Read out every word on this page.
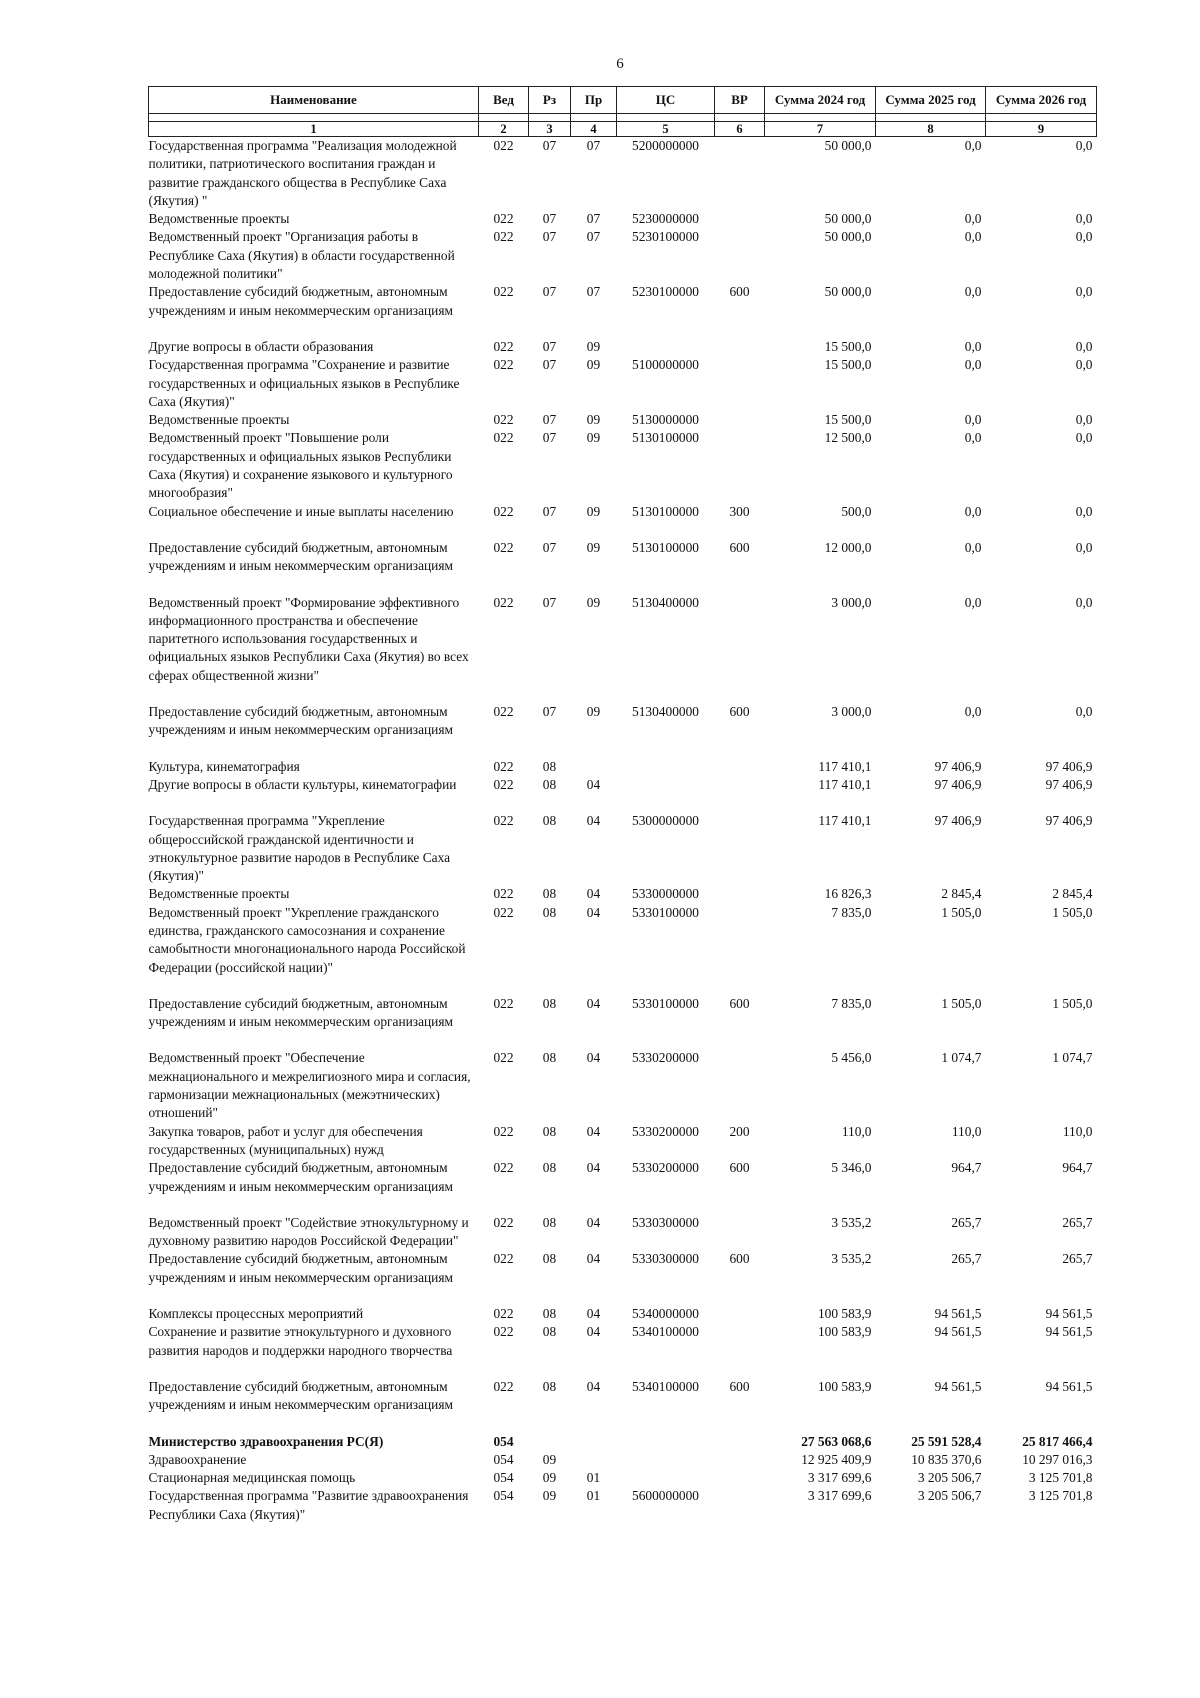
6
Наименование	Вед	Рз	Пр	ЦС	ВР	Сумма 2024 год	Сумма 2025 год	Сумма 2026 год

1	2	3	4	5	6	7	8	9
Государственная программа "Реализация молодежной политики, патриотического воспитания граждан и развитие гражданского общества в Республике Саха (Якутия) "	022	07	07	5200000000		50 000,0	0,0	0,0
Ведомственные проекты	022	07	07	5230000000		50 000,0	0,0	0,0
Ведомственный проект "Организация работы в Республике Саха (Якутия) в области государственной молодежной политики"	022	07	07	5230100000		50 000,0	0,0	0,0
Предоставление субсидий бюджетным, автономным учреждениям и иным некоммерческим организациям	022	07	07	5230100000	600	50 000,0	0,0	0,0
Другие вопросы в области образования	022	07	09			15 500,0	0,0	0,0
Государственная программа "Сохранение и развитие государственных и официальных языков в Республике Саха (Якутия)"	022	07	09	5100000000		15 500,0	0,0	0,0
Ведомственные проекты	022	07	09	5130000000		15 500,0	0,0	0,0
Ведомственный проект "Повышение роли государственных и официальных языков Республики Саха (Якутия) и сохранение языкового и культурного многообразия"	022	07	09	5130100000		12 500,0	0,0	0,0
Социальное обеспечение и иные выплаты населению	022	07	09	5130100000	300	500,0	0,0	0,0
Предоставление субсидий бюджетным, автономным учреждениям и иным некоммерческим организациям	022	07	09	5130100000	600	12 000,0	0,0	0,0
Ведомственный проект "Формирование эффективного информационного пространства и обеспечение паритетного использования государственных и официальных языков Республики Саха (Якутия) во всех сферах общественной жизни"	022	07	09	5130400000		3 000,0	0,0	0,0
Предоставление субсидий бюджетным, автономным учреждениям и иным некоммерческим организациям	022	07	09	5130400000	600	3 000,0	0,0	0,0
Культура, кинематография	022	08				117 410,1	97 406,9	97 406,9
Другие вопросы в области культуры, кинематографии	022	08	04			117 410,1	97 406,9	97 406,9
Государственная программа "Укрепление общероссийской гражданской идентичности и этнокультурное развитие народов в Республике Саха (Якутия)"	022	08	04	5300000000		117 410,1	97 406,9	97 406,9
Ведомственные проекты	022	08	04	5330000000		16 826,3	2 845,4	2 845,4
Ведомственный проект "Укрепление гражданского единства, гражданского самосознания и сохранение самобытности многонационального народа Российской Федерации (российской нации)"	022	08	04	5330100000		7 835,0	1 505,0	1 505,0
Предоставление субсидий бюджетным, автономным учреждениям и иным некоммерческим организациям	022	08	04	5330100000	600	7 835,0	1 505,0	1 505,0
Ведомственный проект "Обеспечение межнационального и межрелигиозного мира и согласия, гармонизации межнациональных (межэтнических) отношений"	022	08	04	5330200000		5 456,0	1 074,7	1 074,7
Закупка товаров, работ и услуг для обеспечения государственных (муниципальных) нужд	022	08	04	5330200000	200	110,0	110,0	110,0
Предоставление субсидий бюджетным, автономным учреждениям и иным некоммерческим организациям	022	08	04	5330200000	600	5 346,0	964,7	964,7
Ведомственный проект "Содействие этнокультурному и духовному развитию народов Российской Федерации"	022	08	04	5330300000		3 535,2	265,7	265,7
Предоставление субсидий бюджетным, автономным учреждениям и иным некоммерческим организациям	022	08	04	5330300000	600	3 535,2	265,7	265,7
Комплексы процессных мероприятий	022	08	04	5340000000		100 583,9	94 561,5	94 561,5
Сохранение и развитие этнокультурного и духовного развития народов и поддержки народного творчества	022	08	04	5340100000		100 583,9	94 561,5	94 561,5
Предоставление субсидий бюджетным, автономным учреждениям и иным некоммерческим организациям	022	08	04	5340100000	600	100 583,9	94 561,5	94 561,5
Министерство здравоохранения РС(Я)	054					27 563 068,6	25 591 528,4	25 817 466,4
Здравоохранение	054	09				12 925 409,9	10 835 370,6	10 297 016,3
Стационарная медицинская помощь	054	09	01			3 317 699,6	3 205 506,7	3 125 701,8
Государственная программа "Развитие здравоохранения Республики Саха (Якутия)"	054	09	01	5600000000		3 317 699,6	3 205 506,7	3 125 701,8
